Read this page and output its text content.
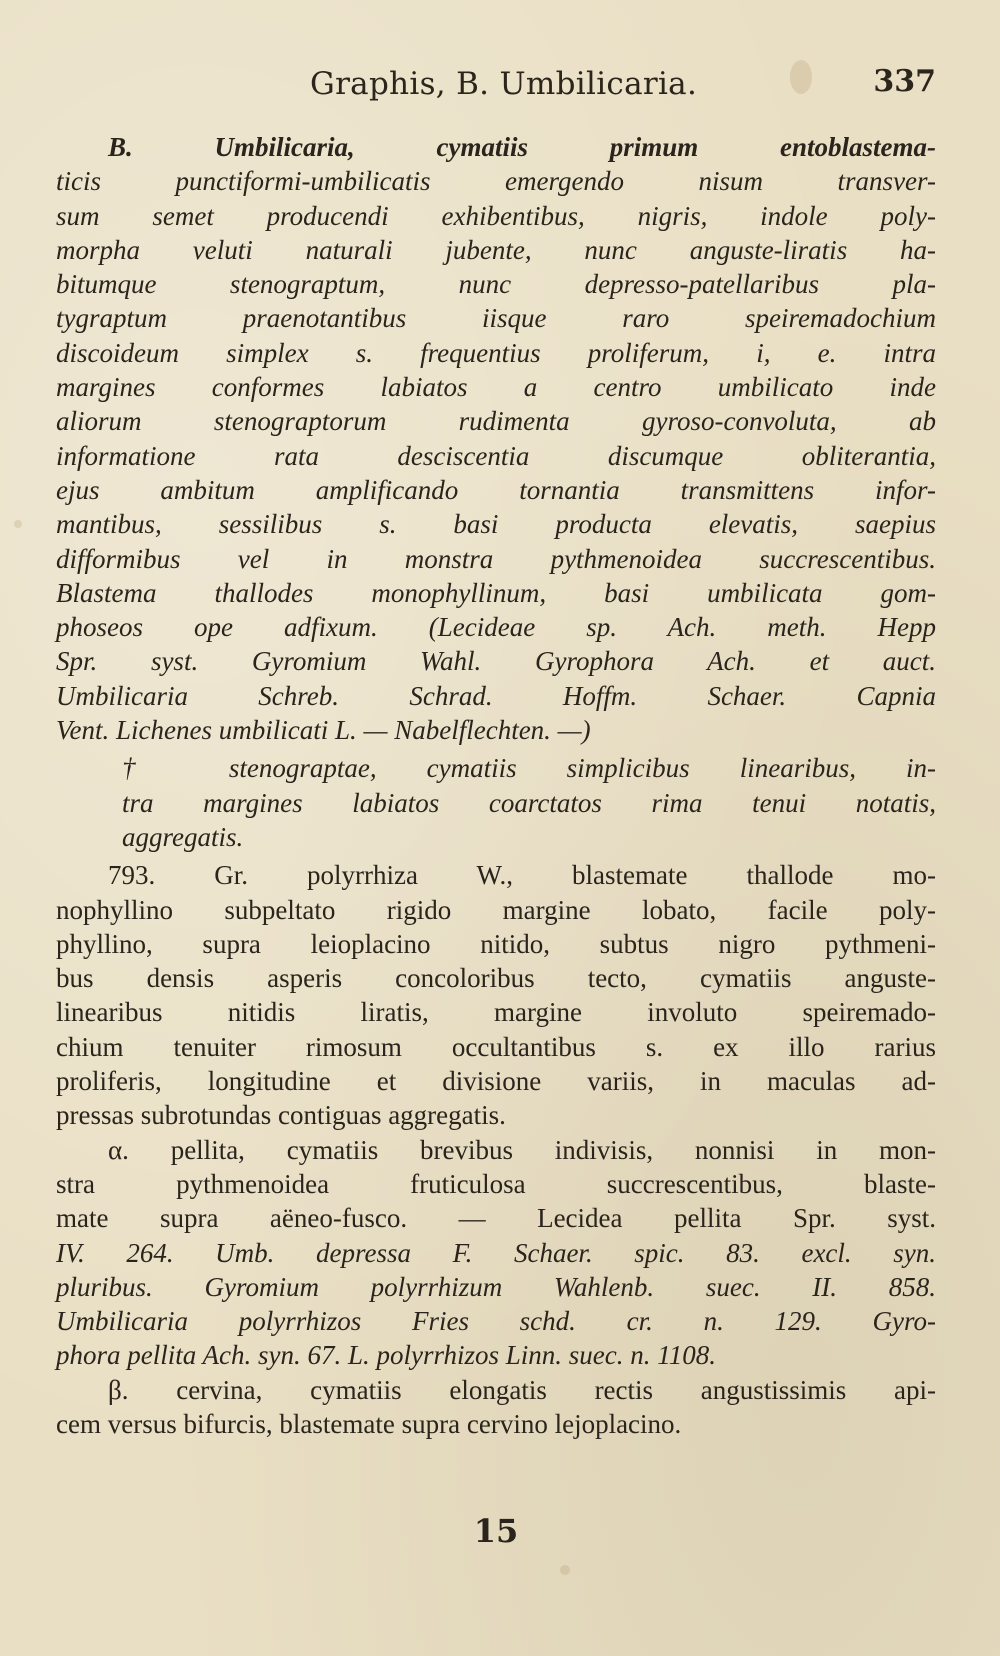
Graphis, B. Umbilicaria.	337
B. Umbilicaria, cymatiis primum entoblastema-
ticis punctiformi-umbilicatis emergendo nisum transver-
sum semet producendi exhibentibus, nigris, indole poly-
morpha veluti naturali jubente, nunc anguste-liratis ha-
bitumque stenograptum, nunc depresso-patellaribus pla-
tygraptum praenotantibus iisque raro speiremadochium
discoideum simplex s. frequentius proliferum, i, e. intra
margines conformes labiatos a centro umbilicato inde
aliorum stenograptorum rudimenta gyroso-convoluta, ab
informatione rata desciscentia discumque obliterantia,
ejus ambitum amplificando tornantia transmittens infor-
mantibus, sessilibus s. basi producta elevatis, saepius
difformibus vel in monstra pythmenoidea succrescentibus.
Blastema thallodes monophyllinum, basi umbilicata gom-
phoseos ope adfixum. (Lecideae sp. Ach. meth. Hepp
Spr. syst. Gyromium Wahl. Gyrophora Ach. et auct.
Umbilicaria Schreb. Schrad. Hoffm. Schaer. Capnia
Vent. Lichenes umbilicati L. — Nabelflechten. —)
† stenograptae, cymatiis simplicibus linearibus, in-
tra margines labiatos coarctatos rima tenui notatis,
aggregatis.
793. Gr. polyrrhiza W., blastemate thallode mo-
nophyllino subpeltato rigido margine lobato, facile poly-
phyllino, supra leioplacino nitido, subtus nigro pythmeni-
bus densis asperis concoloribus tecto, cymatiis anguste-
linearibus nitidis liratis, margine involuto speiremado-
chium tenuiter rimosum occultantibus s. ex illo rarius
proliferis, longitudine et divisione variis, in maculas ad-
pressas subrotundas contiguas aggregatis.
α. pellita, cymatiis brevibus indivisis, nonnisi in mon-
stra pythmenoidea fruticulosa succrescentibus, blaste-
mate supra aëneo-fusco. — Lecidea pellita Spr. syst.
IV. 264. Umb. depressa F. Schaer. spic. 83. excl. syn.
pluribus. Gyromium polyrrhizum Wahlenb. suec. II. 858.
Umbilicaria polyrrhizos Fries schd. cr. n. 129. Gyro-
phora pellita Ach. syn. 67. L. polyrrhizos Linn. suec. n. 1108.
β. cervina, cymatiis elongatis rectis angustissimis api-
cem versus bifurcis, blastemate supra cervino lejoplacino.
15
